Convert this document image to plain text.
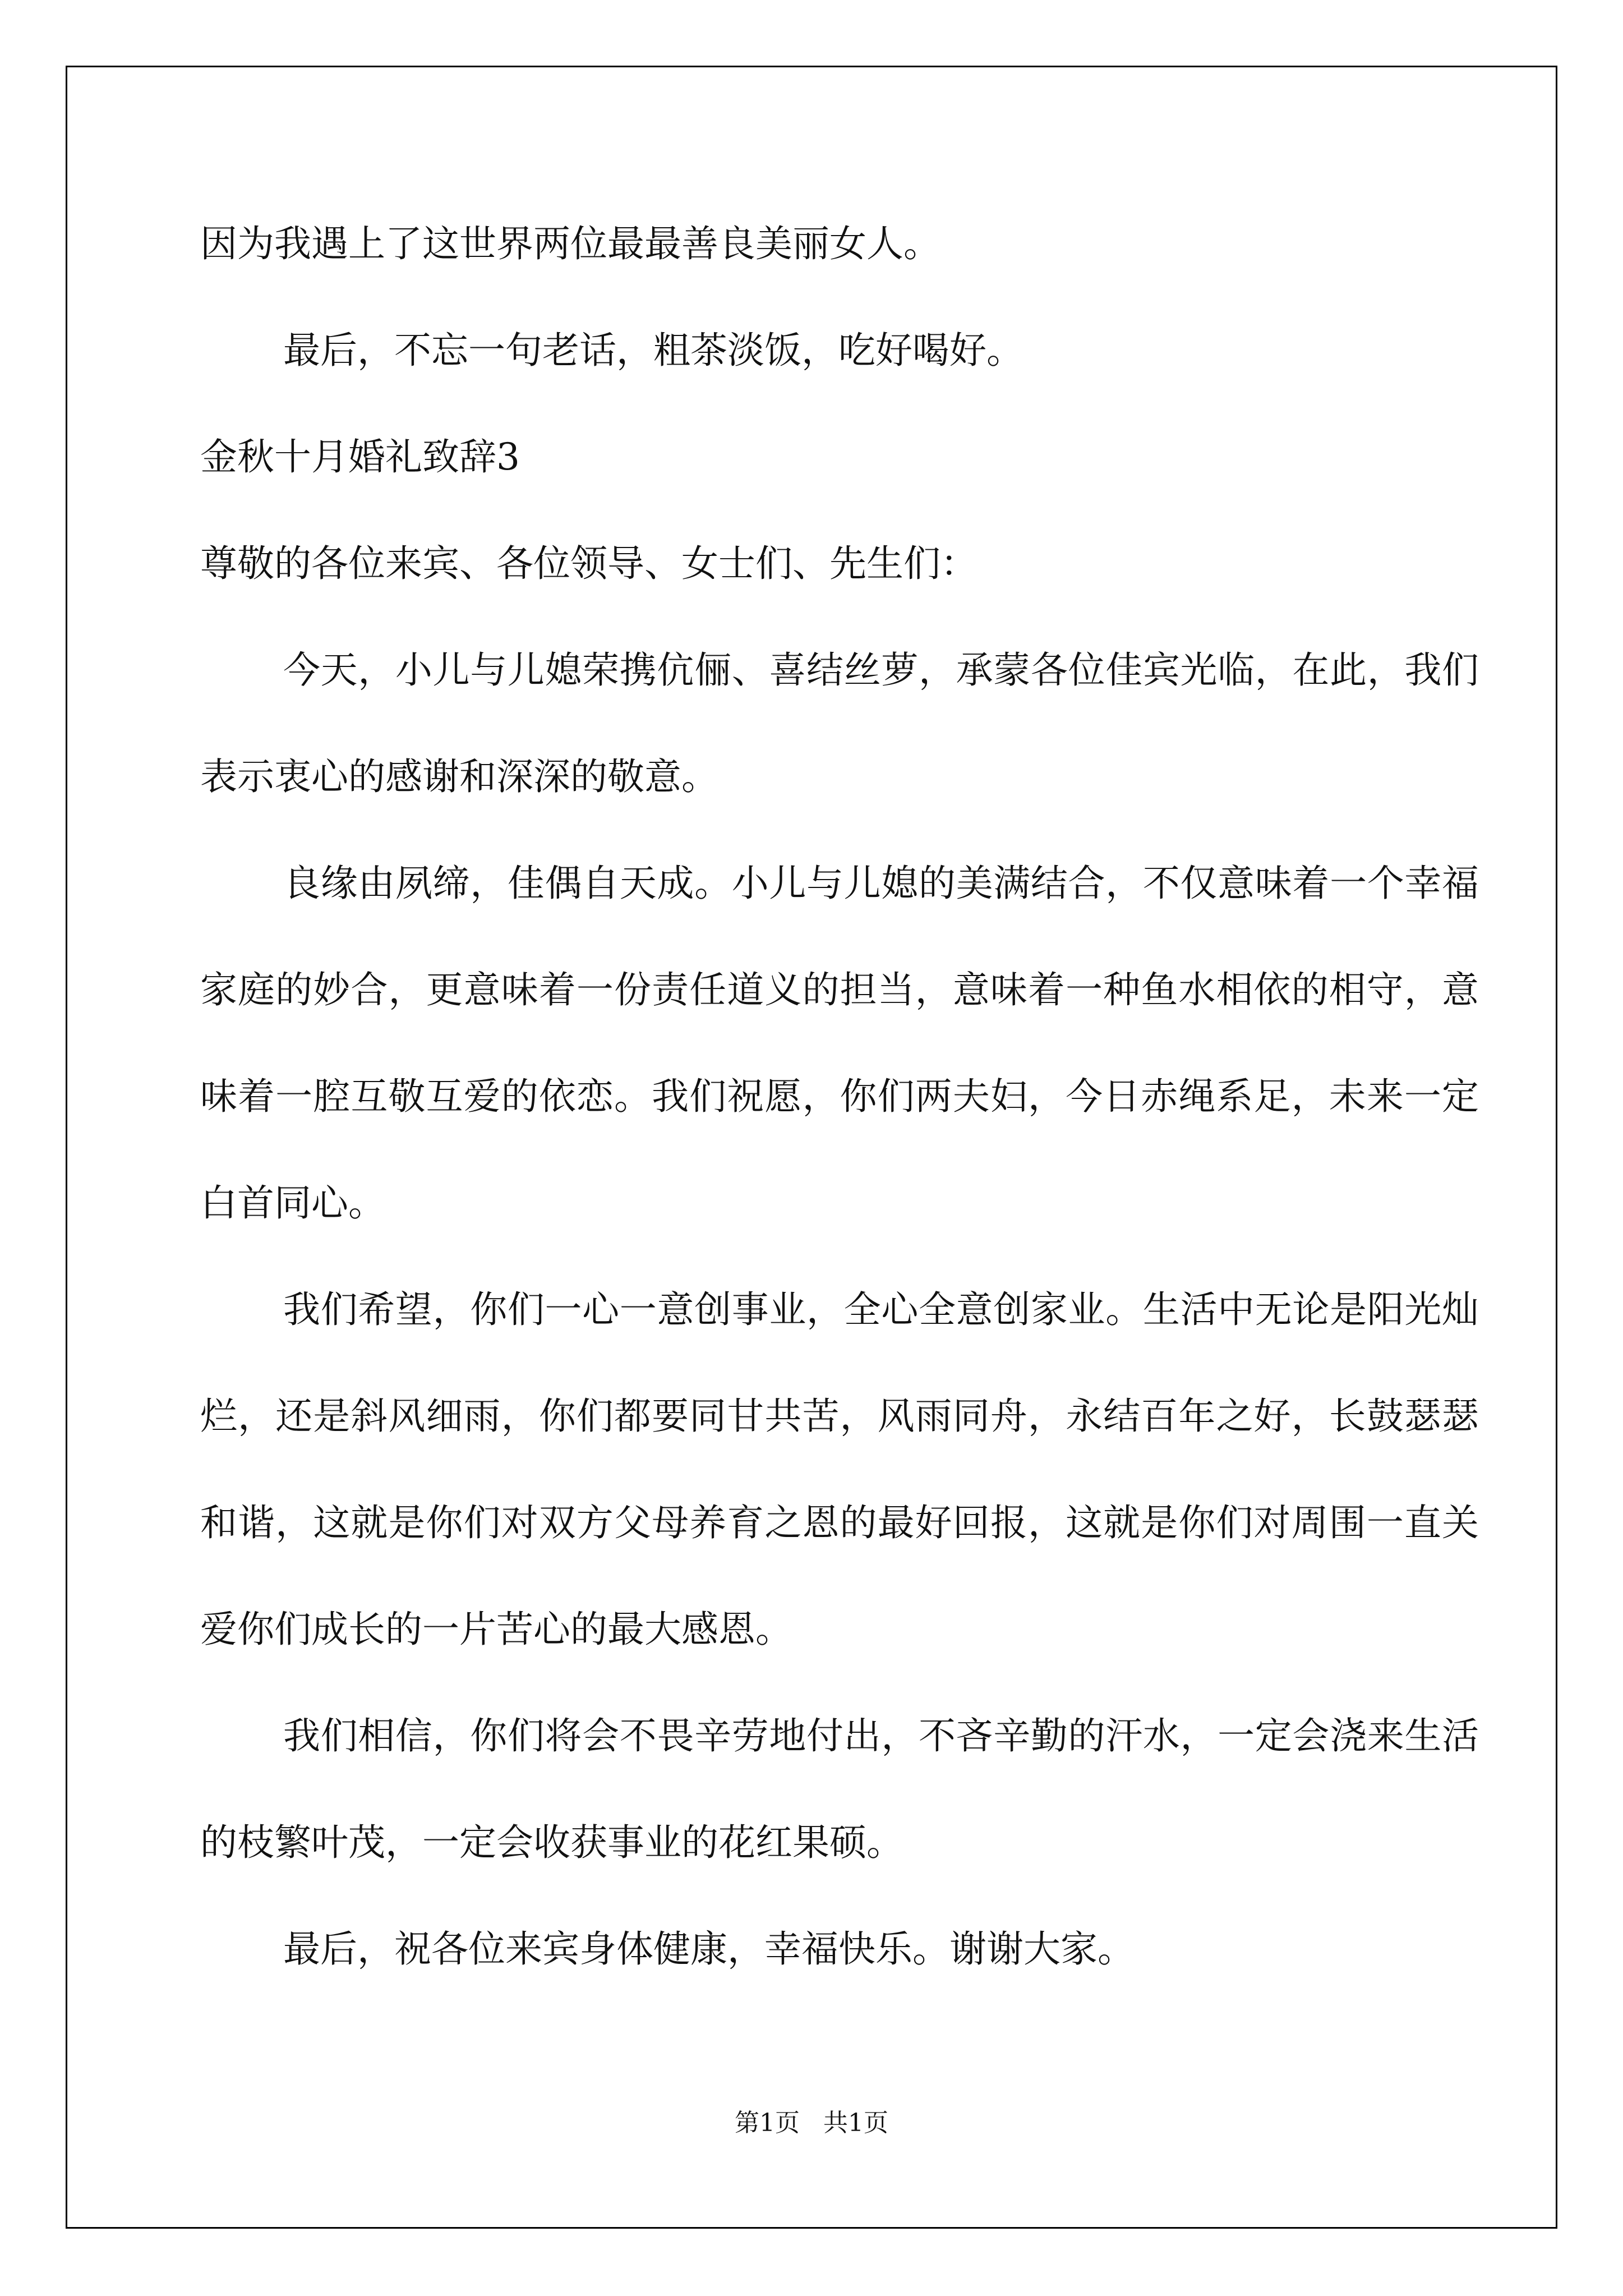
因为我遇上了这世界两位最最善良美丽女人。

最后，不忘一句老话，粗茶淡饭，吃好喝好。

金秋十月婚礼致辞3

尊敬的各位来宾、各位领导、女士们、先生们：

今天，小儿与儿媳荣携伉俪、喜结丝萝，承蒙各位佳宾光临，在此，我们表示衷心的感谢和深深的敬意。

良缘由夙缔，佳偶自天成。小儿与儿媳的美满结合，不仅意味着一个幸福家庭的妙合，更意味着一份责任道义的担当，意味着一种鱼水相依的相守，意味着一腔互敬互爱的依恋。我们祝愿，你们两夫妇，今日赤绳系足，未来一定白首同心。

我们希望，你们一心一意创事业，全心全意创家业。生活中无论是阳光灿烂，还是斜风细雨，你们都要同甘共苦，风雨同舟，永结百年之好，长鼓瑟瑟和谐，这就是你们对双方父母养育之恩的最好回报，这就是你们对周围一直关爱你们成长的一片苦心的最大感恩。

我们相信，你们将会不畏辛劳地付出，不吝辛勤的汗水，一定会浇来生活的枝繁叶茂，一定会收获事业的花红果硕。

最后，祝各位来宾身体健康，幸福快乐。谢谢大家。

第1页   共1页
